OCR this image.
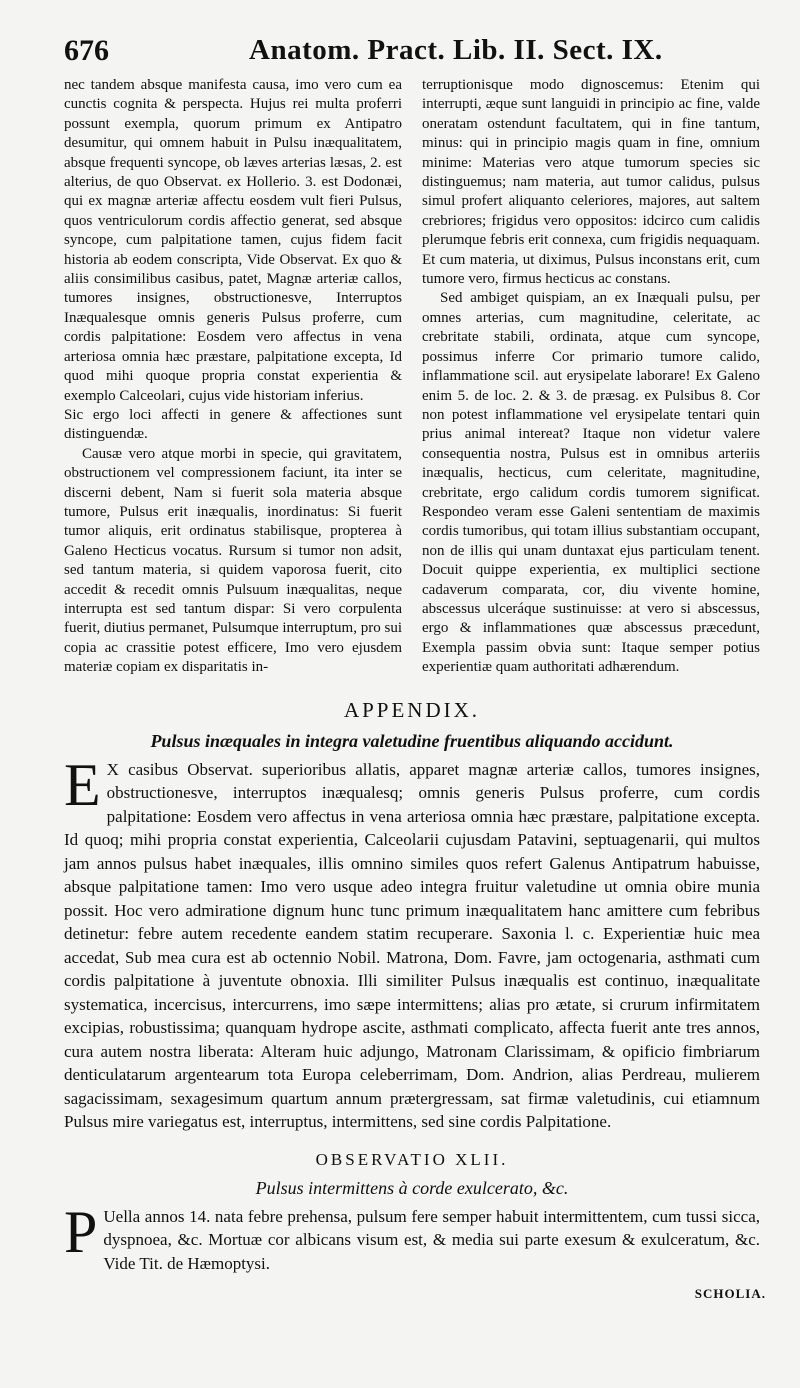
676	Anatom. Pract. Lib. II. Sect. IX.

nec tandem absque manifesta causa, imo vero cum ea cunctis cognita & perspecta. Hujus rei multa proferri possunt exempla, quorum primum ex Antipatro desumitur, qui omnem habuit in Pulsu inæqualitatem, absque frequenti syncope, ob læves arterias læsas, 2. est alterius, de quo Observat. ex Hollerio. 3. est Dodonæi, qui ex magnæ arteriæ affectu eosdem vult fieri Pulsus, quos ventriculorum cordis affectio generat, sed absque syncope, cum palpitatione tamen, cujus fidem facit historia ab eodem conscripta, Vide Observat. Ex quo & aliis consimilibus casibus, patet, Magnæ arteriæ callos, tumores insignes, obstructionesve, Interruptos Inæqualesque omnis generis Pulsus proferre, cum cordis palpitatione: Eosdem vero affectus in vena arteriosa omnia hæc præstare, palpitatione excepta, Id quod mihi quoque propria constat experientia & exemplo Calceolari, cujus vide historiam inferius.

Sic ergo loci affecti in genere & affectiones sunt distinguendæ.

Causæ vero atque morbi in specie, qui gravitatem, obstructionem vel compressionem faciunt, ita inter se discerni debent, Nam si fuerit sola materia absque tumore, Pulsus erit inæqualis, inordinatus: Si fuerit tumor aliquis, erit ordinatus stabilisque, propterea à Galeno Hecticus vocatus. Rursum si tumor non adsit, sed tantum materia, si quidem vaporosa fuerit, cito accedit & recedit omnis Pulsuum inæqualitas, neque interrupta est sed tantum dispar: Si vero corpulenta fuerit, diutius permanet, Pulsumque interruptum, pro sui copia ac crassitie potest efficere, Imo vero ejusdem materiæ copiam ex disparitatis in-

terruptionisque modo dignoscemus: Etenim qui interrupti, æque sunt languidi in principio ac fine, valde oneratam ostendunt facultatem, qui in fine tantum, minus: qui in principio magis quam in fine, omnium minime: Materias vero atque tumorum species sic distinguemus; nam materia, aut tumor calidus, pulsus simul profert aliquanto celeriores, majores, aut saltem crebriores; frigidus vero oppositos: idcirco cum calidis plerumque febris erit connexa, cum frigidis nequaquam. Et cum materia, ut diximus, Pulsus inconstans erit, cum tumore vero, firmus hecticus ac constans.

Sed ambiget quispiam, an ex Inæquali pulsu, per omnes arterias, cum magnitudine, celeritate, ac crebritate stabili, ordinata, atque cum syncope, possimus inferre Cor primario tumore calido, inflammatione scil. aut erysipelate laborare! Ex Galeno enim 5. de loc. 2. & 3. de præsag. ex Pulsibus 8. Cor non potest inflammatione vel erysipelate tentari quin prius animal intereat? Itaque non videtur valere consequentia nostra, Pulsus est in omnibus arteriis inæqualis, hecticus, cum celeritate, magnitudine, crebritate, ergo calidum cordis tumorem significat. Respondeo veram esse Galeni sententiam de maximis cordis tumoribus, qui totam illius substantiam occupant, non de illis qui unam duntaxat ejus particulam tenent. Docuit quippe experientia, ex multiplici sectione cadaverum comparata, cor, diu vivente homine, abscessus ulceráque sustinuisse: at vero si abscessus, ergo & inflammationes quæ abscessus præcedunt, Exempla passim obvia sunt: Itaque semper potius experientiæ quam authoritati adhærendum.

APPENDIX.
Pulsus inæquales in integra valetudine fruentibus aliquando accidunt.

E X casibus Observat. superioribus allatis, apparet magnæ arteriæ callos, tumores insignes, obstructionesve, interruptos inæqualesq; omnis generis Pulsus proferre, cum cordis palpitatione: Eosdem vero affectus in vena arteriosa omnia hæc præstare, palpitatione excepta. Id quoq; mihi propria constat experientia, Calceolarii cujusdam Patavini, septuagenarii, qui multos jam annos pulsus habet inæquales, illis omnino similes quos refert Galenus Antipatrum habuisse, absque palpitatione tamen: Imo vero usque adeo integra fruitur valetudine ut omnia obire munia possit. Hoc vero admiratione dignum hunc tunc primum inæqualitatem hanc amittere cum febribus detinetur: febre autem recedente eandem statim recuperare. Saxonia l. c. Experientiæ huic mea accedat, Sub mea cura est ab octennio Nobil. Matrona, Dom. Favre, jam octogenaria, asthmati cum cordis palpitatione à juventute obnoxia. Illi similiter Pulsus inæqualis est continuo, inæqualitate systematica, incercisus, intercurrens, imo sæpe intermittens; alias pro ætate, si crurum infirmitatem excipias, robustissima; quanquam hydrope ascite, asthmati complicato, affecta fuerit ante tres annos, cura autem nostra liberata: Alteram huic adjungo, Matronam Clarissimam, & opificio fimbriarum denticulatarum argentearum tota Europa celeberrimam, Dom. Andrion, alias Perdreau, mulierem sagacissimam, sexagesimum quartum annum prætergressam, sat firmæ valetudinis, cui etiamnum Pulsus mire variegatus est, interruptus, intermittens, sed sine cordis Palpitatione.

OBSERVATIO XLII.
Pulsus intermittens à corde exulcerato, &c.

P Uella annos 14. nata febre prehensa, pulsum fere semper habuit intermittentem, cum tussi sicca, dyspnoea, &c. Mortuæ cor albicans visum est, & media sui parte exesum & exulceratum, &c. Vide Tit. de Hæmoptysi.

SCHOLIA.
